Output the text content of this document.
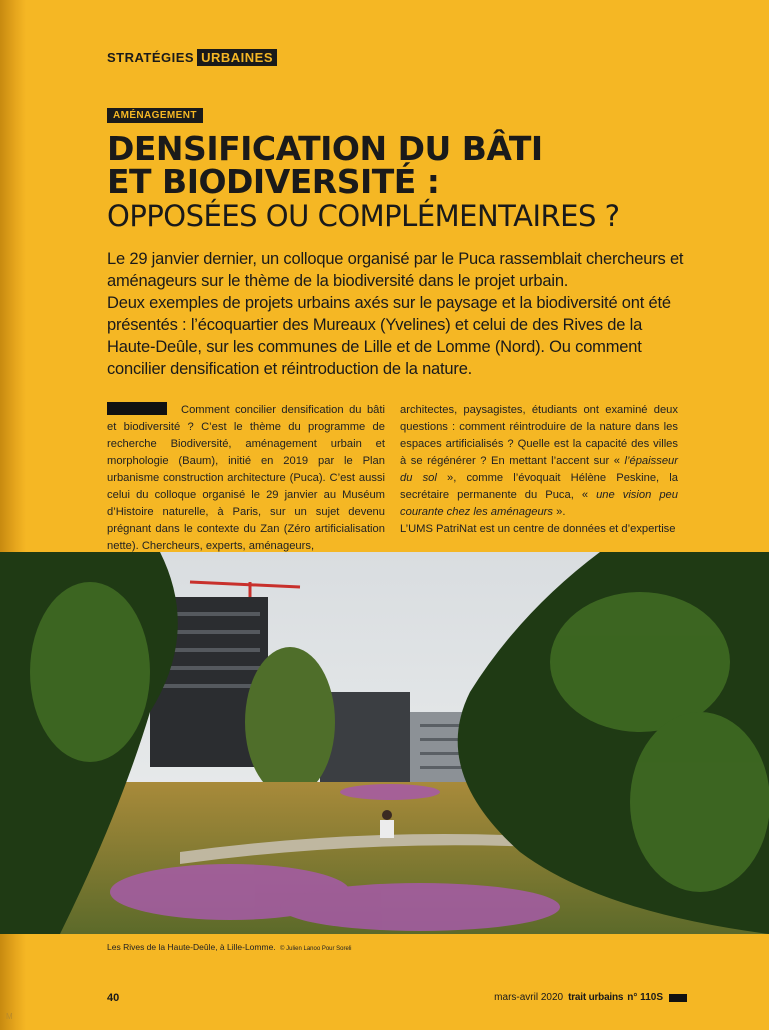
STRATÉGIES URBAINES
AMÉNAGEMENT
DENSIFICATION DU BÂTI
ET BIODIVERSITÉ :
OPPOSÉES OU COMPLÉMENTAIRES ?

Le 29 janvier dernier, un colloque organisé par le Puca rassemblait chercheurs et aménageurs sur le thème de la biodiversité dans le projet urbain.

Deux exemples de projets urbains axés sur le paysage et la biodiversité ont été présentés : l’écoquartier des Mureaux (Yvelines) et celui de des Rives de la Haute-Deûle, sur les communes de Lille et de Lomme (Nord). Ou comment concilier densification et réintroduction de la nature.

Comment concilier densification du bâti et biodiversité ? C’est le thème du programme de recherche Biodiversité, aménagement urbain et morphologie (Baum), initié en 2019 par le Plan urbanisme construction architecture (Puca). C’est aussi celui du colloque organisé le 29 janvier au Muséum d’Histoire naturelle, à Paris, sur un sujet devenu prégnant dans le contexte du Zan (Zéro artificialisation nette). Chercheurs, experts, aménageurs,

architectes, paysagistes, étudiants ont examiné deux questions : comment réintroduire de la nature dans les espaces artificialisés ? Quelle est la capacité des villes à se régénérer ? En mettant l’accent sur « l’épaisseur du sol », comme l’évoquait Hélène Peskine, la secrétaire permanente du Puca, « une vision peu courante chez les aménageurs ».

L’UMS PatriNat est un centre de données et d’expertise

Les Rives de la Haute-Deûle, à Lille-Lomme. © Julien Lanoo Pour Soreli
40	mars-avril 2020 trait urbains n° 110S
M
